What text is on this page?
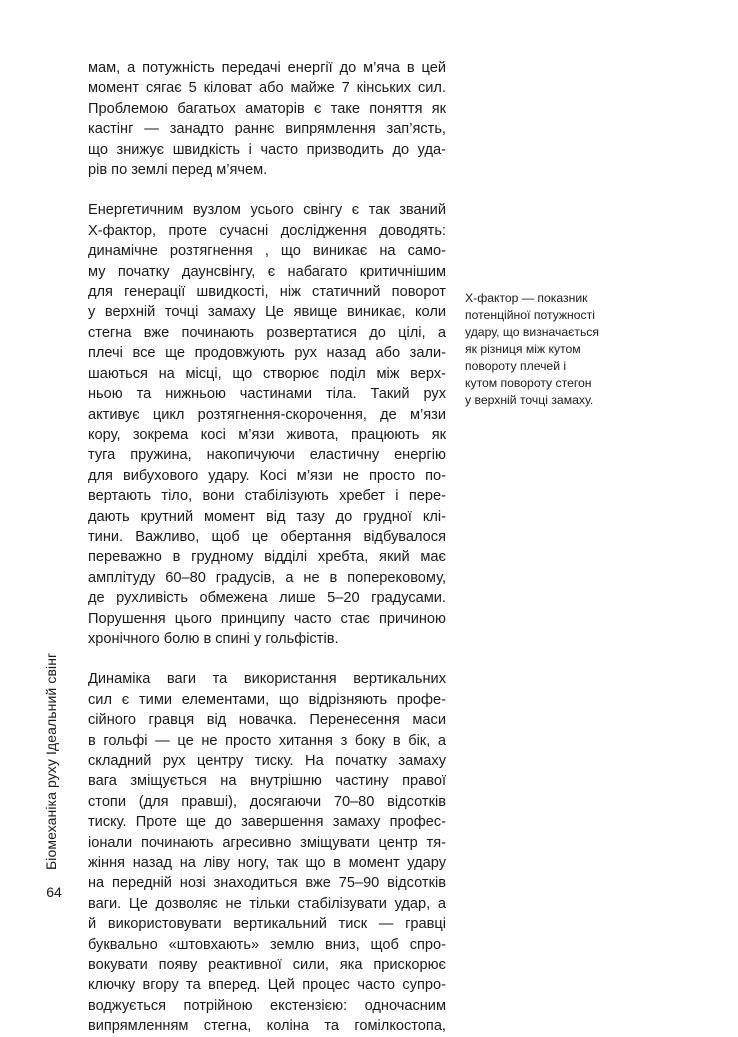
Біомеханіка руху Ідеальний свінг
64

мам, а потужність передачі енергії до м’яча в цей
момент сягає 5 кіловат або майже 7 кінських сил.
Проблемою багатьох аматорів є таке поняття як
кастінг — занадто раннє випрямлення зап’ясть,
що знижує швидкість і часто призводить до уда-
рів по землі перед м’ячем.

Енергетичним вузлом усього свінгу є так званий
Х-фактор, проте сучасні дослідження доводять:
динамічне розтягнення , що виникає на само-
му початку даунсвінгу, є набагато критичнішим
для генерації швидкості, ніж статичний поворот
у верхній точці замаху Це явище виникає, коли
стегна вже починають розвертатися до цілі, а
плечі все ще продовжують рух назад або зали-
шаються на місці, що створює поділ між верх-
ньою та нижньою частинами тіла. Такий рух
активує цикл розтягнення-скорочення, де м’язи
кору, зокрема косі м’язи живота, працюють як
туга пружина, накопичуючи еластичну енергію
для вибухового удару. Косі м’язи не просто по-
вертають тіло, вони стабілізують хребет і пере-
дають крутний момент від тазу до грудної клі-
тини. Важливо, щоб це обертання відбувалося
переважно в грудному відділі хребта, який має
амплітуду 60–80 градусів, а не в поперековому,
де рухливість обмежена лише 5–20 градусами.
Порушення цього принципу часто стає причиною
хронічного болю в спині у гольфістів.

Динаміка ваги та використання вертикальних
сил є тими елементами, що відрізняють профе-
сійного гравця від новачка. Перенесення маси
в гольфі — це не просто хитання з боку в бік, а
складний рух центру тиску. На початку замаху
вага зміщується на внутрішню частину правої
стопи (для правші), досягаючи 70–80 відсотків
тиску. Проте ще до завершення замаху профес-
іонали починають агресивно зміщувати центр тя-
жіння назад на ліву ногу, так що в момент удару
на передній нозі знаходиться вже 75–90 відсотків
ваги. Це дозволяє не тільки стабілізувати удар, а
й використовувати вертикальний тиск — гравці
буквально «штовхають» землю вниз, щоб спро-
вокувати появу реактивної сили, яка прискорює
ключку вгору та вперед. Цей процес часто супро-
воджується потрійною екстензією: одночасним
випрямленням стегна, коліна та гомілкостопа,

X-фактор — показник
потенційної потужності
удару, що визначається
як різниця між кутом
повороту плечей і
кутом повороту стегон
у верхній точці замаху.
